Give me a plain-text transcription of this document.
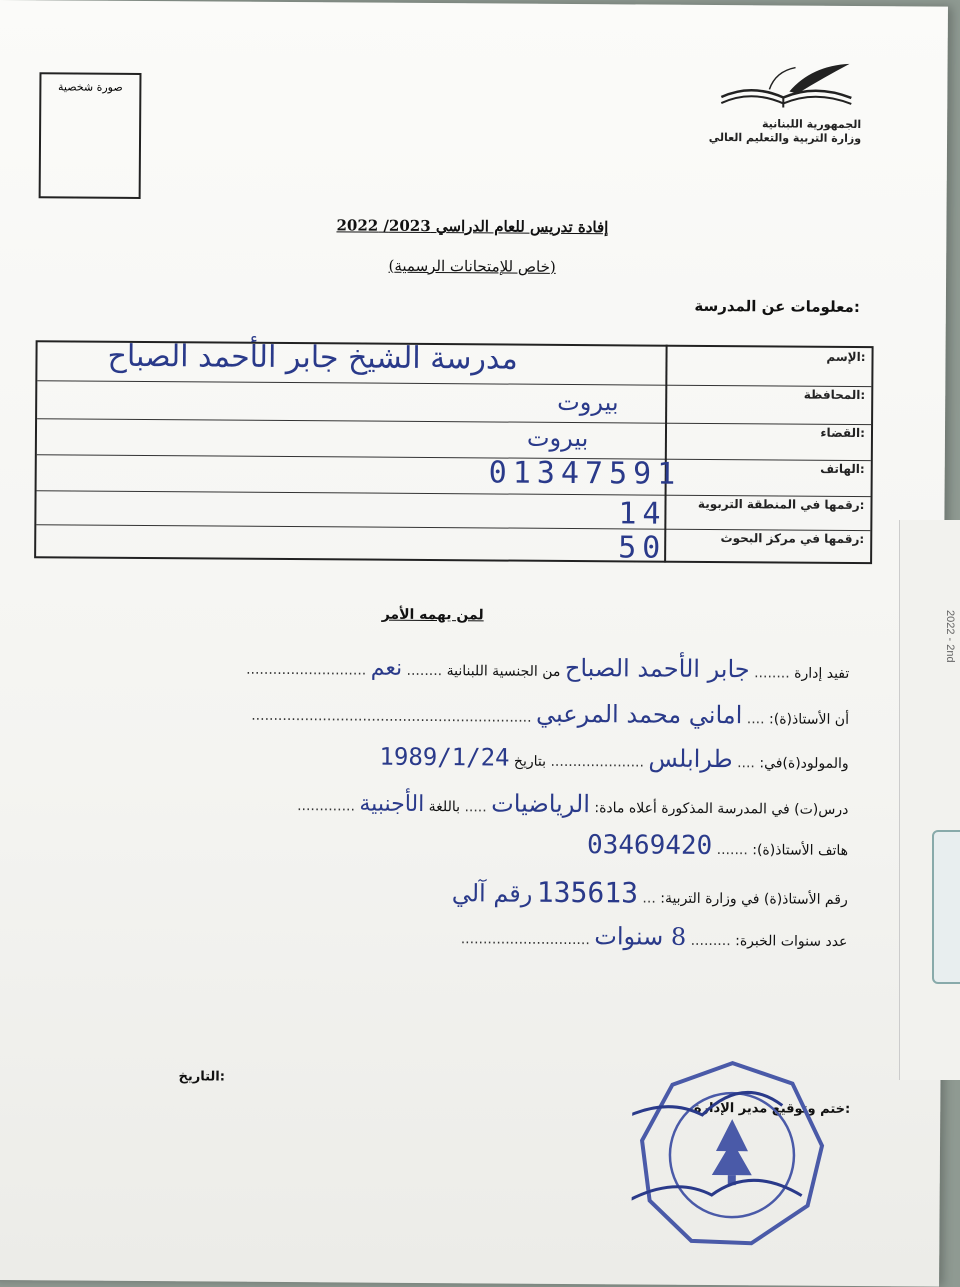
صورة شخصية
الجمهورية اللبنانية
وزارة التربية والتعليم العالي
إفادة تدريس للعام الدراسي 2023/ 2022
(خاص للإمتحانات الرسمية)
معلومات عن المدرسة:
الإسم:
المحافظة:
القضاء:
الهاتف:
رقمها في المنطقة التربوية:
رقمها في مركز البحوث:
مدرسة الشيخ جابر الأحمد الصباح
بيروت
بيروت
01347591
14
50
لمن يهمه الأمر
تفيد إدارة ........ جابر الأحمد الصباح من الجنسية اللبنانية ........ نعم ...........................
أن الأستاذ(ة): .... اماني محمد المرعبي ...............................................................
والمولود(ة)في: .... طرابلس ..................... بتاريخ 1989/1/24
درس(ت) في المدرسة المذكورة أعلاه مادة: الرياضيات ..... باللغة الأجنبية .............
هاتف الأستاذ(ة): ....... 03469420
رقم الأستاذ(ة) في وزارة التربية: ... 135613 رقم آلي
عدد سنوات الخبرة: ......... 8 سنوات .............................
التاريخ:
ختم وتوقيع مدير الإدارة:
2022 - 2nd
